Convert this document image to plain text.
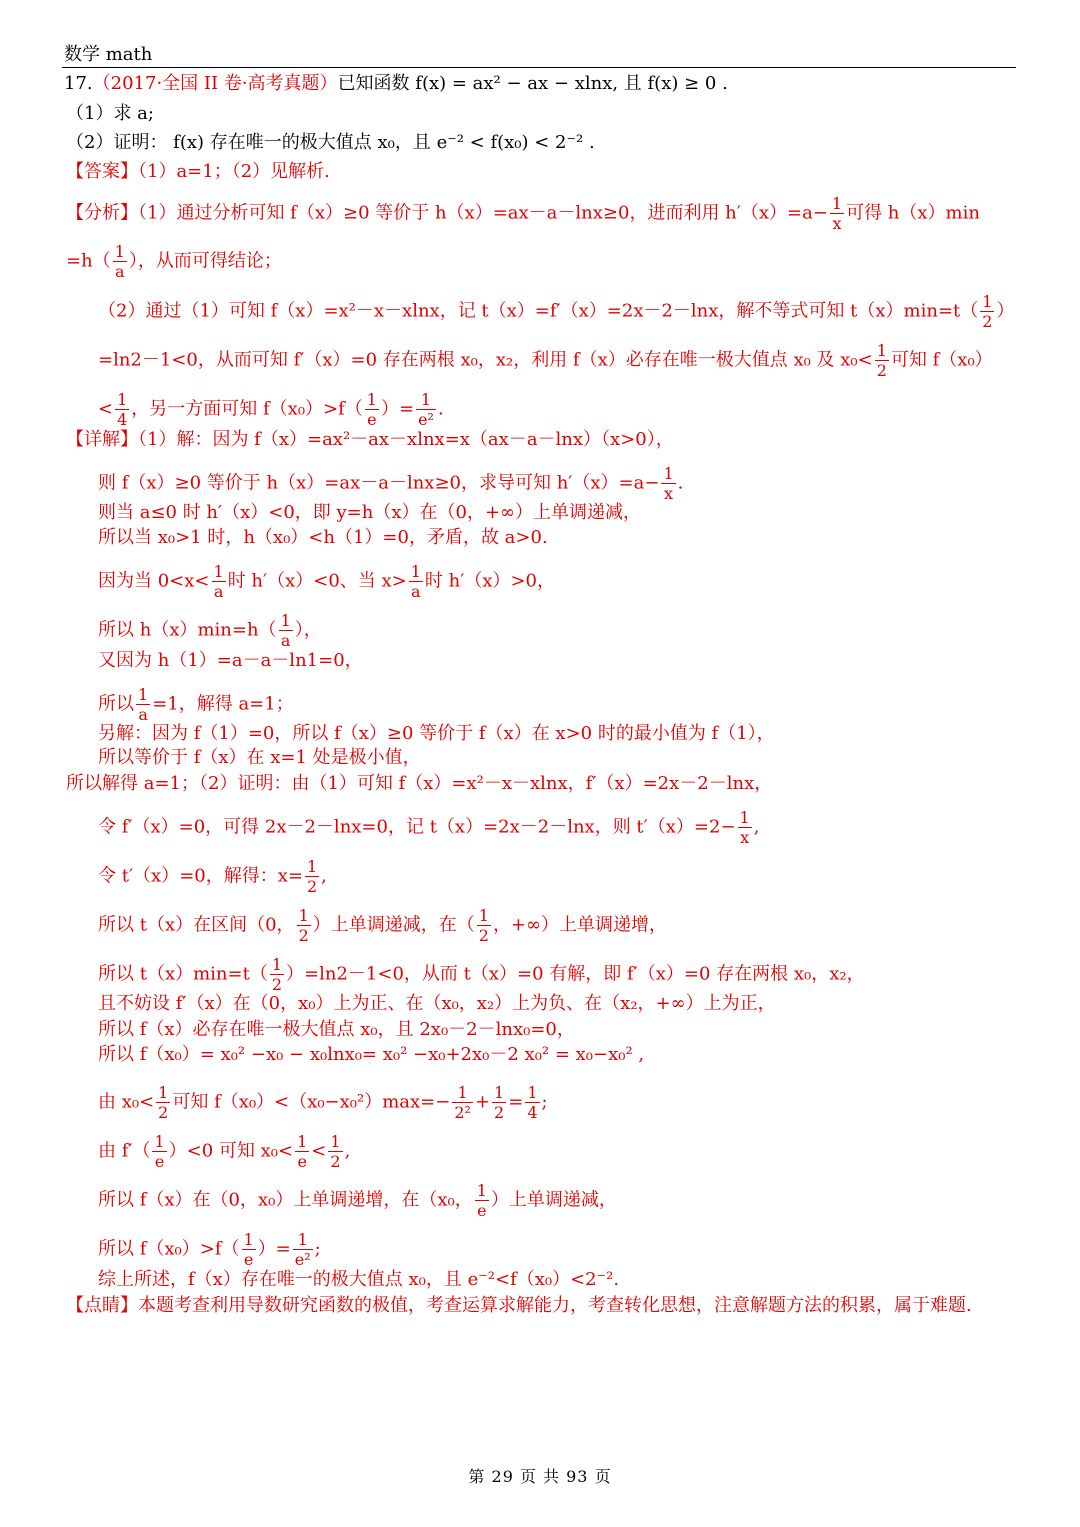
数学 math
17.（2017·全国 II 卷·高考真题）已知函数 f(x) = ax² − ax − xlnx, 且 f(x) ≥ 0 .
（1）求 a;
（2）证明： f(x) 存在唯一的极大值点 x₀，且 e⁻² < f(x₀) < 2⁻² .
【答案】（1）a=1；（2）见解析.
【分析】（1）通过分析可知 f（x）≥0 等价于 h（x）=ax－a－lnx≥0，进而利用 $h'(x)=a- \frac{1}{x}$ 可得 h（x）min
$=h( \frac{1}{a}$ ），从而可得结论；
（2）通过（1）可知 f（x）=x²－x－xlnx，记 t（x）=f′（x）=2x－2－lnx，解不等式可知 $t(x)\min=t( \frac{1}{2}$ ）
=ln2－1<0，从而可知 f′（x）=0 存在两根 x₀，x₂，利用 f（x）必存在唯一极大值点 x₀ 及 $x_0< \frac{1}{2}$ 可知 f（x₀）
< $\frac{1}{4}$ ，另一方面可知 $f(x_0)>f( \frac{1}{e}$ ）= $\frac{1}{\text{e²}}$ .
【详解】（1）解：因为 f（x）=ax²－ax－xlnx=x（ax－a－lnx）（x>0），
则 f（x）≥0 等价于 h（x）=ax－a－lnx≥0，求导可知 $h'(x)=a- \frac{1}{x}$ .
则当 a≤0 时 h′（x）<0，即 y=h（x）在（0，+∞）上单调递减，
所以当 x₀>1 时，h（x₀）<h（1）=0，矛盾，故 a>0.
因为当 $0<x< \frac{1}{a}$ 时 h′（x）<0、当 $x> \frac{1}{a}$ 时 h′（x）>0，
所以 $h(x)\min=h( \frac{1}{a}$ ），
又因为 h（1）=a－a－ln1=0，
所以 $\frac{1}{a} =1$，解得 a=1；
另解：因为 f（1）=0，所以 f（x）≥0 等价于 f（x）在 x>0 时的最小值为 f（1），
所以等价于 f（x）在 x=1 处是极小值，
所以解得 a=1；（2）证明：由（1）可知 f（x）=x²－x－xlnx，f′（x）=2x－2－lnx，
令 f′（x）=0，可得 2x－2－lnx=0，记 t（x）=2x－2－lnx，则 $t'(x)=2- \frac{1}{x}$ ,
令 t′（x）=0，解得：$x= \frac{1}{2}$ ,
所以 t（x）在区间（0， $\frac{1}{2}$ ）上单调递减，在（ $\frac{1}{2}$ ，+∞）上单调递增，
所以 $t(x)\min=t( \frac{1}{2} )=\ln 2-1<0$，从而 t（x）=0 有解，即 f′（x）=0 存在两根 x₀，x₂，
且不妨设 f′（x）在（0，x₀）上为正、在（x₀，x₂）上为负、在（x₂，+∞）上为正，
所以 f（x）必存在唯一极大值点 x₀，且 2x₀－2－lnx₀=0，
所以 f（x₀）= x₀² −x₀ − x₀lnx₀= x₀² −x₀+2x₀－2 x₀² = x₀−x₀² ,
由 $x_0< \frac{1}{2}$ 可知 $f(x_0)<(x_0-x_0^2)\max=- \frac{1}{\text{2²}} + \frac{1}{2} = \frac{1}{4}$ ;
由 $f'( \frac{1}{e} )<0$ 可知 $x_0< \frac{1}{e} < \frac{1}{2}$ ,
所以 f（x）在（0，x₀）上单调递增，在（x₀， $\frac{1}{e}$ ）上单调递减，
所以 $f(x_0)>f( \frac{1}{e}$ ）= $\frac{1}{\text{e²}}$ ;
综上所述，f（x）存在唯一的极大值点 x₀，且 e⁻²<f（x₀）<2⁻².
【点睛】本题考查利用导数研究函数的极值，考查运算求解能力，考查转化思想，注意解题方法的积累，属于难题.
第 29 页 共 93 页
